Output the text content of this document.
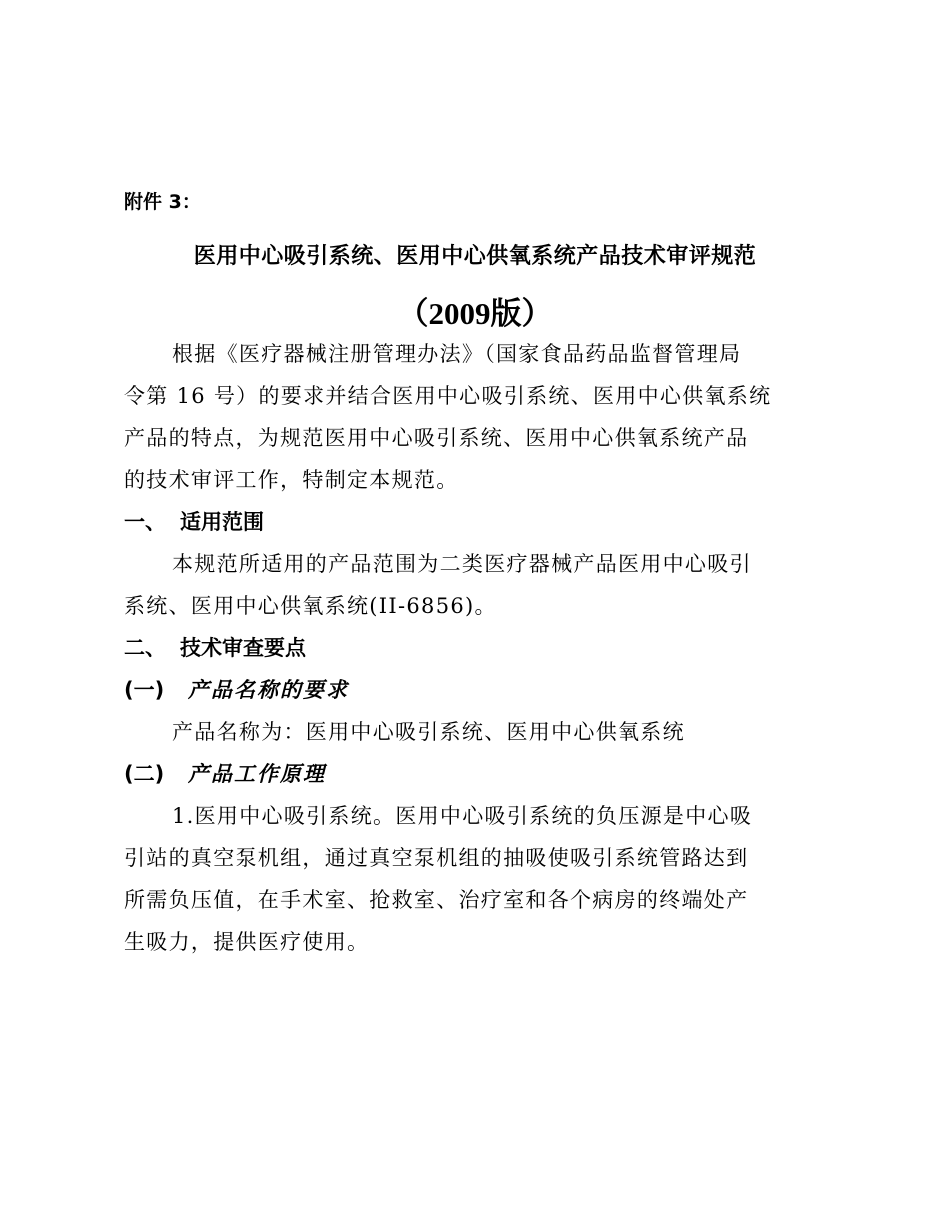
附件 3：
医用中心吸引系统、医用中心供氧系统产品技术审评规范
（2009版）
根据《医疗器械注册管理办法》（国家食品药品监督管理局
令第 16 号）的要求并结合医用中心吸引系统、医用中心供氧系统
产品的特点，为规范医用中心吸引系统、医用中心供氧系统产品
的技术审评工作，特制定本规范。
一、 适用范围
本规范所适用的产品范围为二类医疗器械产品医用中心吸引
系统、医用中心供氧系统(II-6856)。
二、 技术审查要点
(一) 产品名称的要求
产品名称为：医用中心吸引系统、医用中心供氧系统
(二) 产品工作原理
1.医用中心吸引系统。医用中心吸引系统的负压源是中心吸
引站的真空泵机组，通过真空泵机组的抽吸使吸引系统管路达到
所需负压值，在手术室、抢救室、治疗室和各个病房的终端处产
生吸力，提供医疗使用。
